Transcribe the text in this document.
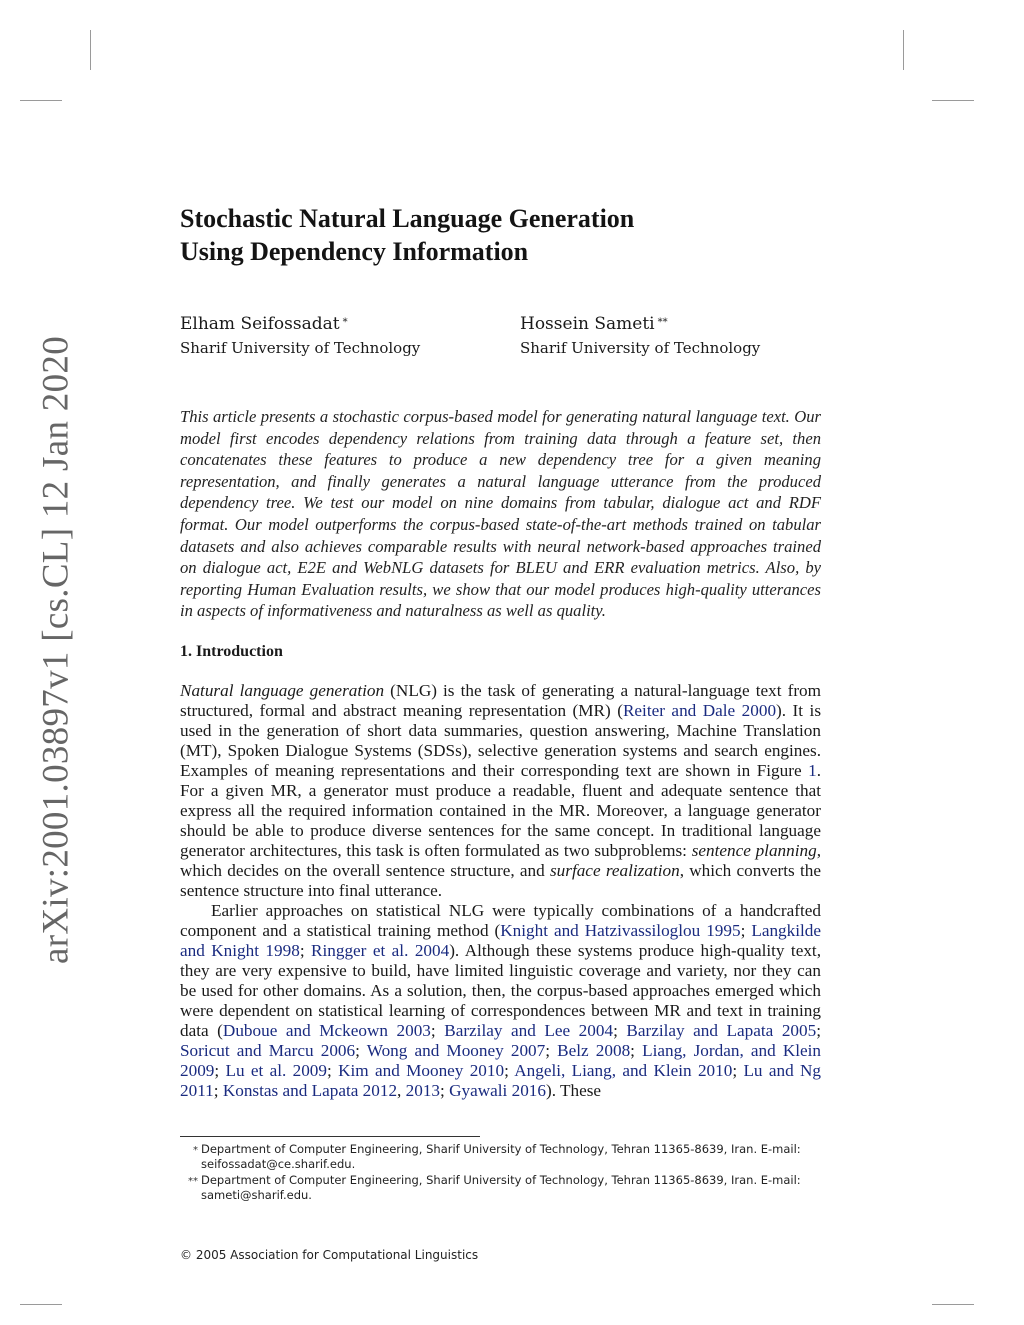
arXiv:2001.03897v1 [cs.CL] 12 Jan 2020
Stochastic Natural Language Generation
Using Dependency Information
Elham Seifossadat *
Sharif University of Technology
Hossein Sameti **
Sharif University of Technology

This article presents a stochastic corpus-based model for generating natural language text. Our model first encodes dependency relations from training data through a feature set, then concatenates these features to produce a new dependency tree for a given meaning representation, and finally generates a natural language utterance from the produced dependency tree. We test our model on nine domains from tabular, dialogue act and RDF format. Our model outperforms the corpus-based state-of-the-art methods trained on tabular datasets and also achieves comparable results with neural network-based approaches trained on dialogue act, E2E and WebNLG datasets for BLEU and ERR evaluation metrics. Also, by reporting Human Evaluation results, we show that our model produces high-quality utterances in aspects of informativeness and naturalness as well as quality.

1. Introduction

Natural language generation (NLG) is the task of generating a natural-language text from structured, formal and abstract meaning representation (MR) (Reiter and Dale 2000). It is used in the generation of short data summaries, question answering, Machine Translation (MT), Spoken Dialogue Systems (SDSs), selective generation systems and search engines. Examples of meaning representations and their corresponding text are shown in Figure 1. For a given MR, a generator must produce a readable, fluent and adequate sentence that express all the required information contained in the MR. Moreover, a language generator should be able to produce diverse sentences for the same concept. In traditional language generator architectures, this task is often formulated as two subproblems: sentence planning, which decides on the overall sentence structure, and surface realization, which converts the sentence structure into final utterance.

Earlier approaches on statistical NLG were typically combinations of a handcrafted component and a statistical training method (Knight and Hatzivassiloglou 1995; Langkilde and Knight 1998; Ringger et al. 2004). Although these systems produce high-quality text, they are very expensive to build, have limited linguistic coverage and variety, nor they can be used for other domains. As a solution, then, the corpus-based approaches emerged which were dependent on statistical learning of correspondences between MR and text in training data (Duboue and Mckeown 2003; Barzilay and Lee 2004; Barzilay and Lapata 2005; Soricut and Marcu 2006; Wong and Mooney 2007; Belz 2008; Liang, Jordan, and Klein 2009; Lu et al. 2009; Kim and Mooney 2010; Angeli, Liang, and Klein 2010; Lu and Ng 2011; Konstas and Lapata 2012, 2013; Gyawali 2016). These

* Department of Computer Engineering, Sharif University of Technology, Tehran 11365-8639, Iran. E-mail: seifossadat@ce.sharif.edu.
** Department of Computer Engineering, Sharif University of Technology, Tehran 11365-8639, Iran. E-mail: sameti@sharif.edu.
© 2005 Association for Computational Linguistics
